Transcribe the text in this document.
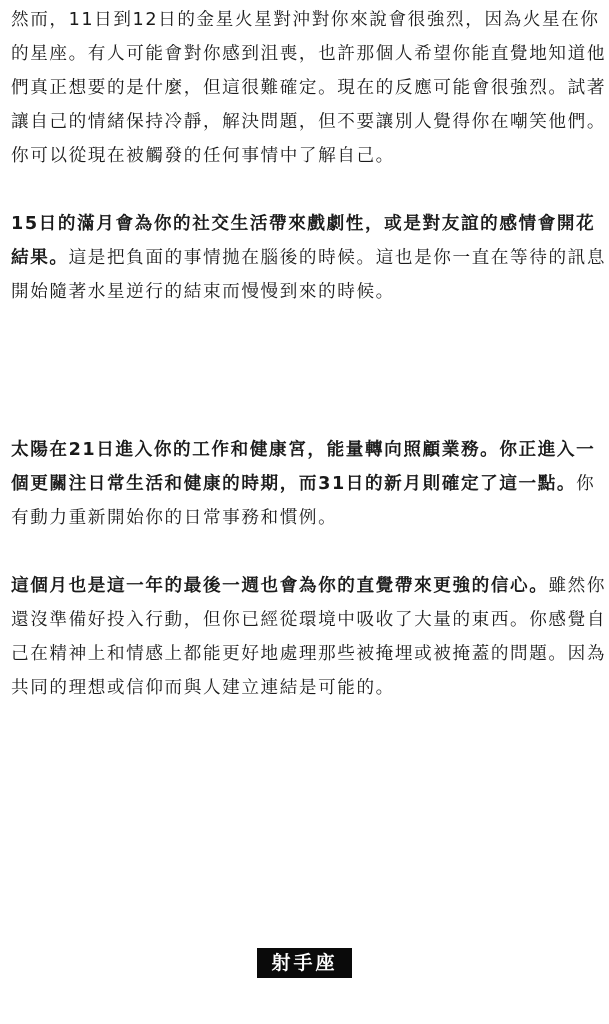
然而，11日到12日的金星火星對沖對你來說會很強烈，因為火星在你的星座。有人可能會對你感到沮喪，也許那個人希望你能直覺地知道他們真正想要的是什麼，但這很難確定。現在的反應可能會很強烈。試著讓自己的情緒保持冷靜，解決問題，但不要讓別人覺得你在嘲笑他們。你可以從現在被觸發的任何事情中了解自己。

15日的滿月會為你的社交生活帶來戲劇性，或是對友誼的感情會開花結果。這是把負面的事情拋在腦後的時候。這也是你一直在等待的訊息開始隨著水星逆行的結束而慢慢到來的時候。

太陽在21日進入你的工作和健康宮，能量轉向照顧業務。你正進入一個更關注日常生活和健康的時期，而31日的新月則確定了這一點。你有動力重新開始你的日常事務和慣例。

這個月也是這一年的最後一週也會為你的直覺帶來更強的信心。雖然你還沒準備好投入行動，但你已經從環境中吸收了大量的東西。你感覺自己在精神上和情感上都能更好地處理那些被掩埋或被掩蓋的問題。因為共同的理想或信仰而與人建立連結是可能的。

射手座
